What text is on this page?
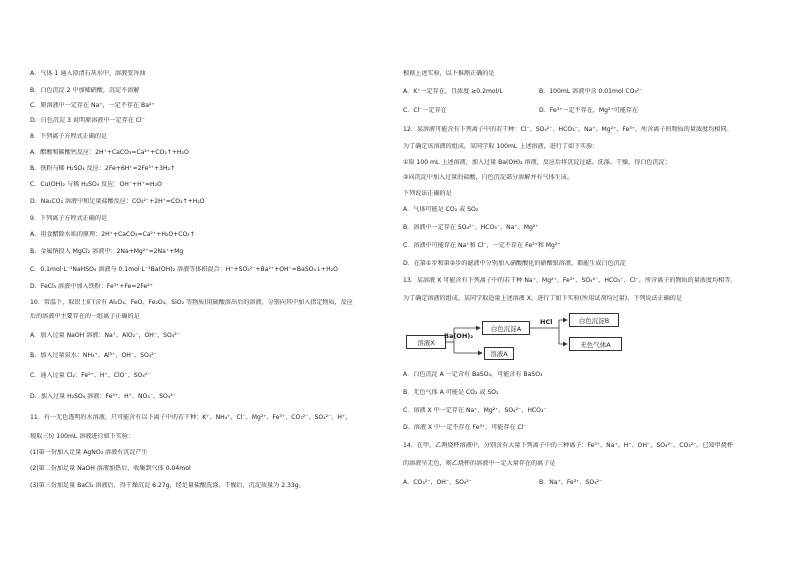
A．气体 1 通入澄清石灰水中，溶液变浑浊
B．白色沉淀 2 中加稀硝酸，沉淀不溶解
C．原溶液中一定存在 Na⁺，一定不存在 Ba²⁺
D．白色沉淀 3 说明原溶液中一定存在 Cl⁻
8．下列离子方程式正确的是
A．醋酸和碳酸钙反应：2H⁺+CaCO₃=Ca²⁺+CO₂↑+H₂O
B．铁粉与稀 H₂SO₄ 反应：2Fe+6H⁺=2Fe³⁺+3H₂↑
C．Cu(OH)₂ 与稀 H₂SO₄ 反应：OH⁻+H⁺=H₂O
D．Na₂CO₃ 溶液中和足量盐酸反应：CO₃²⁻+2H⁺=CO₂↑+H₂O
9．下列离子方程式正确的是
A．用食醋除水垢的原理：2H⁺+CaCO₃=Ca²⁺+H₂O+CO₂↑
B．金属钠投入 MgCl₂ 溶液中：2Na+Mg²⁺=2Na⁺+Mg
C．0.1mol·L⁻¹NaHSO₄ 溶液与 0.1mol·L⁻¹Ba(OH)₂ 溶液等体积混合：H⁺+SO₄²⁻+Ba²⁺+OH⁻=BaSO₄↓+H₂O
D．FeCl₃ 溶液中加入铁粉：Fe³⁺+Fe=2Fe²⁺
10．常温下，取铝土矿(含有 Al₂O₃、FeO、Fe₂O₃、SiO₂ 等物质)用硫酸溶出后的溶液，分别向其中加入指定物质，反应
后的溶液中主要存在的一组离子正确的是
A．加入过量 NaOH 溶液：Na⁺、AlO₂⁻、OH⁻、SO₄²⁻
B．加入过量氨水：NH₄⁺、Al³⁺、OH⁻、SO₄²⁻
C．通入过量 Cl₂：Fe²⁺、H⁺、ClO⁻、SO₄²⁻
D．加入过量 H₂SO₄ 溶液：Fe³⁺、H⁺、NO₃⁻、SO₄²⁻
11．有一无色透明的水溶液，只可能含有以下离子中的若干种：K⁺、NH₄⁺、Cl⁻、Mg²⁺、Fe³⁺、CO₃²⁻、SO₄²⁻、H⁺，
现取三份 100mL 溶液进行如下实验：
(1)第一份加入足量 AgNO₃ 溶液有沉淀产生
(2)第二份加足量 NaOH 溶液加热后，收集到气体 0.04mol
(3)第三份加足量 BaCl₂ 溶液后，得干燥沉淀 6.27g，经足量盐酸洗涤、干燥后，沉淀质量为 2.33g。
根据上述实验，以下推测正确的是
A．K⁺一定存在，且浓度 ≥0.2mol/L	B．100mL 溶液中含 0.01mol CO₃²⁻
C．Cl⁻一定存在	D．Fe³⁺一定不存在，Mg²⁺可能存在
12．某溶液可能含有下列离子中的若干种：Cl⁻、SO₄²⁻、HCO₃⁻、Na⁺、Mg²⁺、Fe³⁺，所含离子的物质的量浓度均相同。
为了确定该溶液的组成，某同学取 100mL 上述溶液，进行了如下实验：
①取 100 mL 上述溶液，加入过量 Ba(OH)₂ 溶液，反应后将沉淀过滤、洗涤、干燥，得白色沉淀；
②向沉淀中加入过量的盐酸，白色沉淀部分溶解并有气体生成。
下列说法正确的是
A．气体可能是 CO₂ 或 SO₂
B．溶液中一定存在 SO₄²⁻、HCO₃⁻、Na⁺、Mg²⁺
C．溶液中可能存在 Na⁺和 Cl⁻，一定不存在 Fe³⁺和 Mg²⁺
D．在第①步和第②步的滤液中分别加入硝酸酸化的硝酸银溶液，都能生成白色沉淀
13．某溶液 X 可能含有下列离子中的若干种 Na⁺、Mg²⁺、Fe³⁺、SO₄²⁻、HCO₃⁻、Cl⁻，所含离子的物质的量浓度均相等。
为了确定溶液的组成，某同学取适量上述溶液 X，进行了如下实验(所用试剂均过量)，下列说法正确的是
A．白色沉淀 A 一定含有 BaSO₄，可能含有 BaSO₃
B．无色气体 A 可能是 CO₂ 或 SO₂
C．溶液 X 中一定存在 Na⁺、Mg²⁺、SO₄²⁻、HCO₃⁻
D．溶液 X 中一定不存在 Fe³⁺，可能存在 Cl⁻
14．在甲、乙两烧杯溶液中，分别含有大量下列离子中的三种离子：Fe³⁺、Na⁺、H⁺、OH⁻、SO₄²⁻、CO₃²⁻。已知甲烧杯
的溶液呈无色，则乙烧杯的溶液中一定大量存在的离子是
A．CO₃²⁻、OH⁻、SO₄²⁻	B．Na⁺、Fe³⁺、SO₄²⁻
溶液X
Ba(OH)₂
白色沉淀A
溶液A
HCl	白色沉淀B
无色气体A
